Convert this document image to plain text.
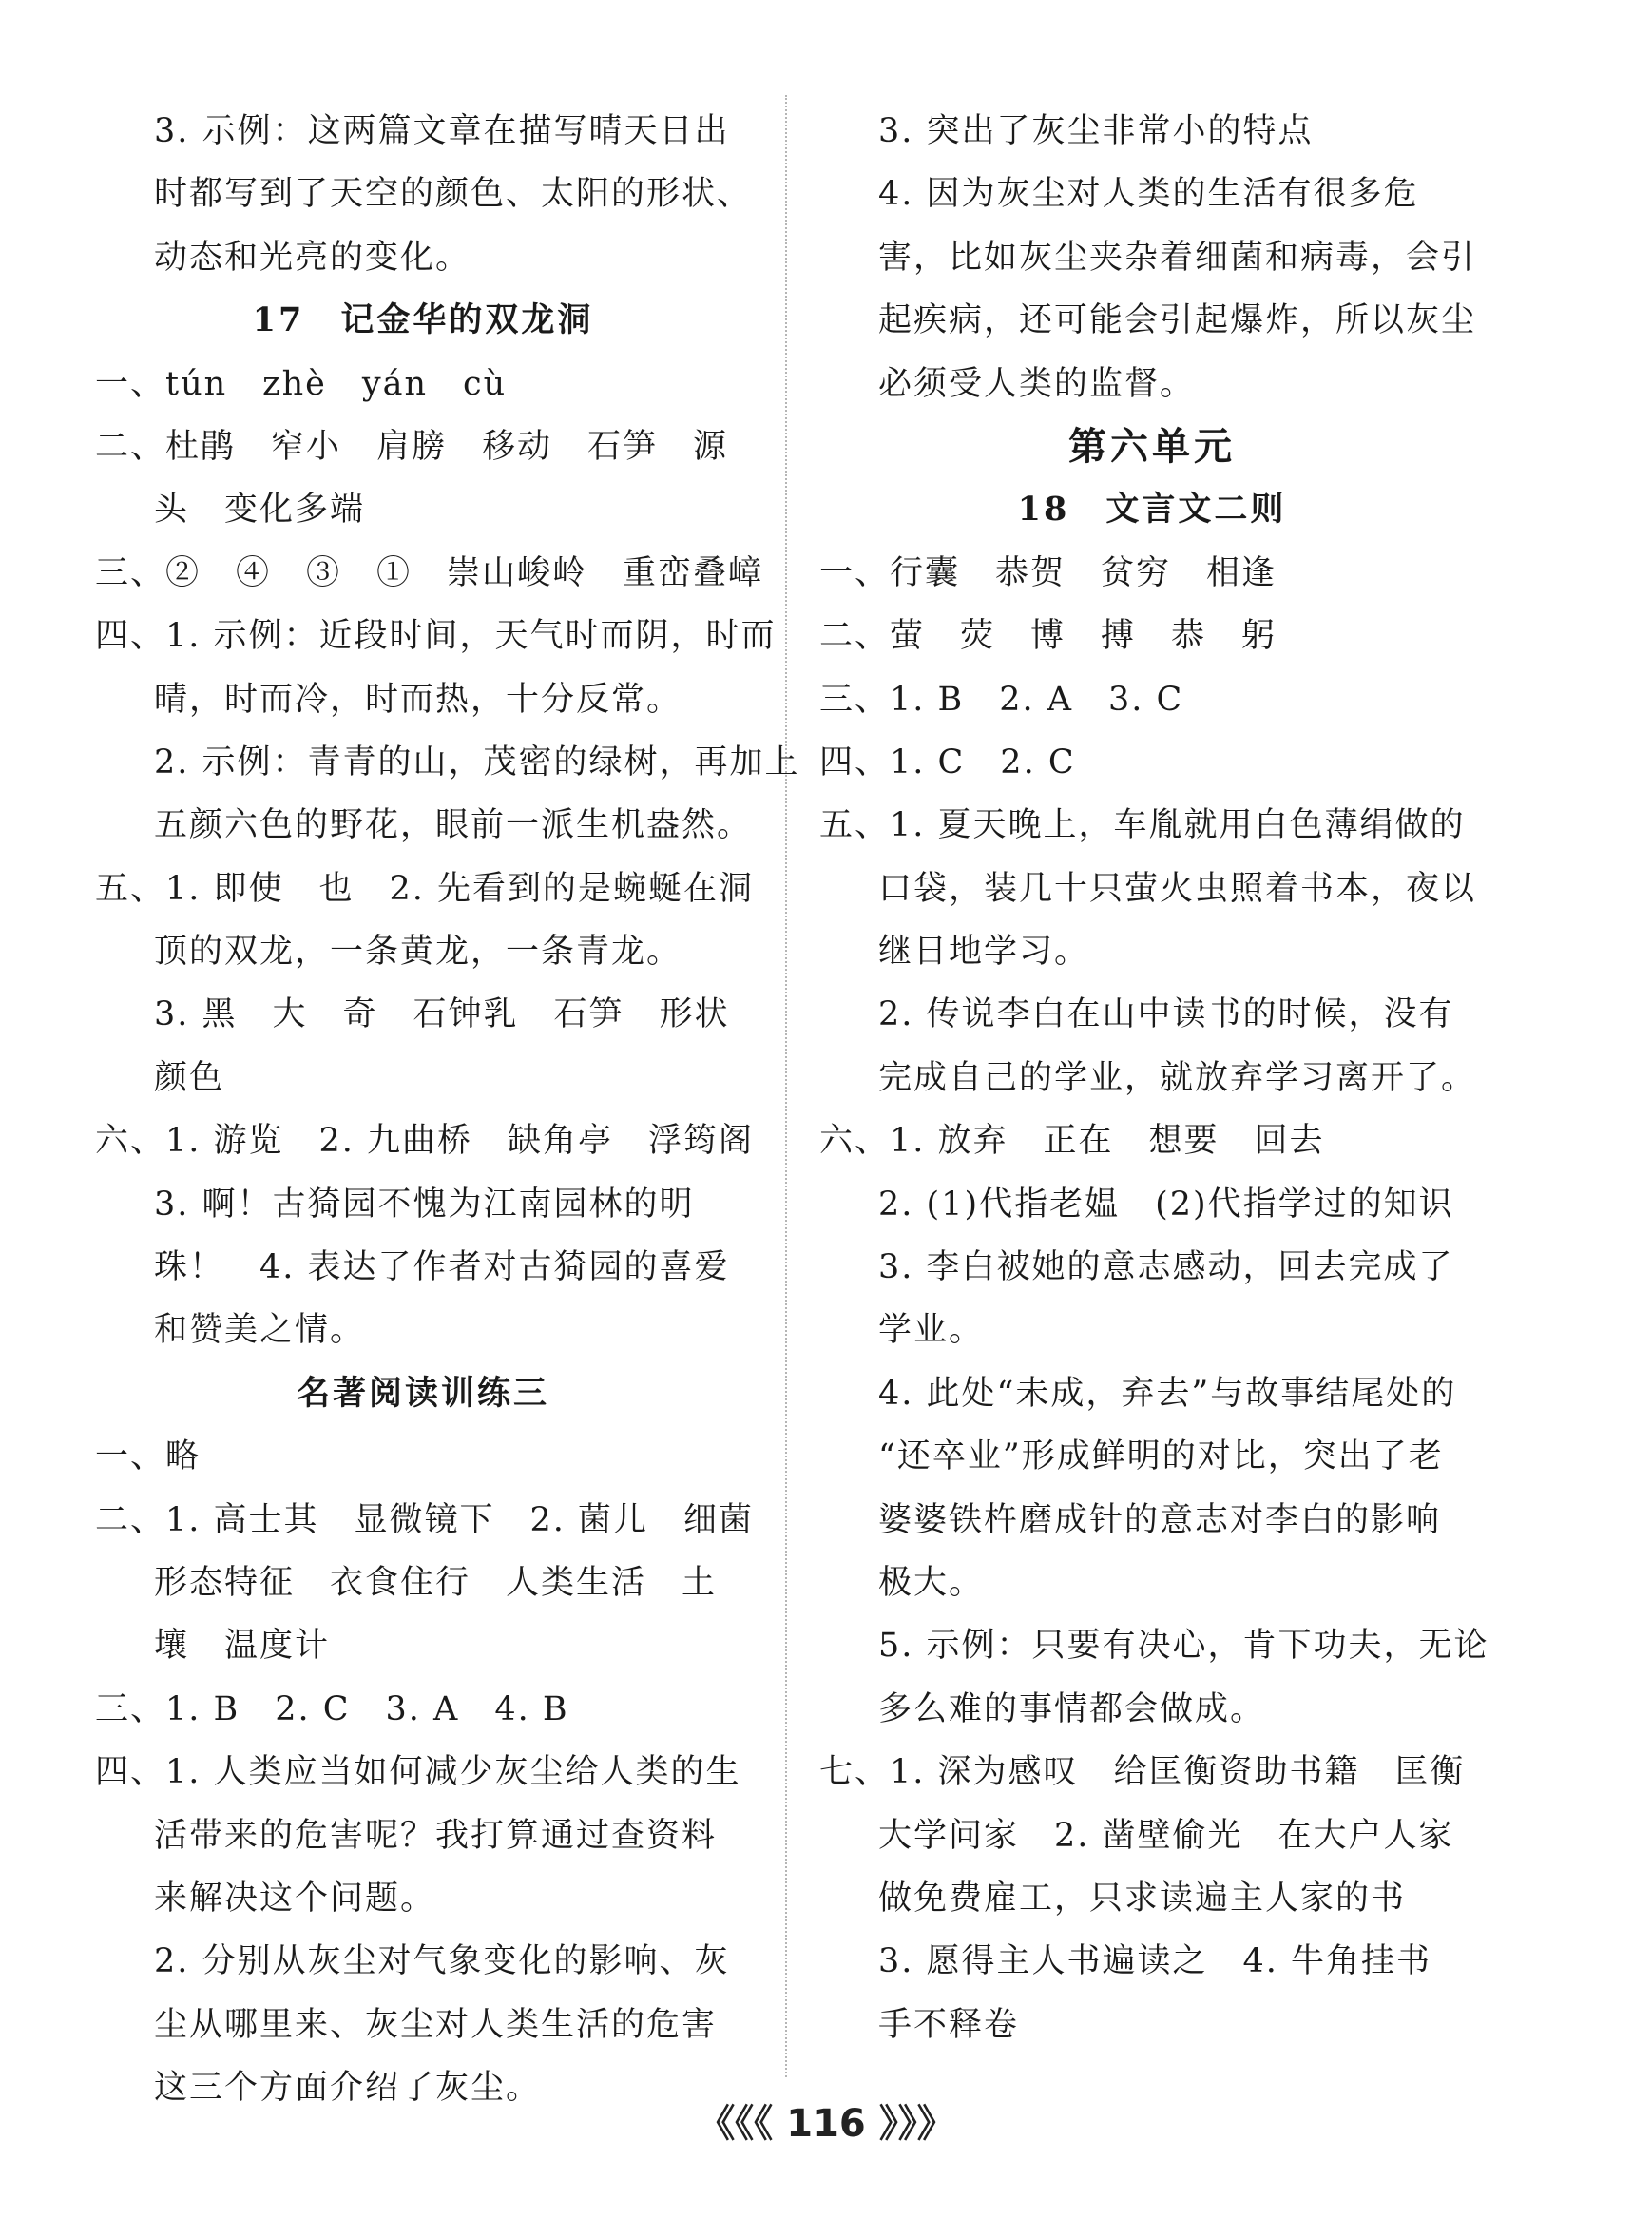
3. 示例：这两篇文章在描写晴天日出
时都写到了天空的颜色、太阳的形状、
动态和光亮的变化。
17　记金华的双龙洞
一、tún　zhè　yán　cù
二、杜鹃　窄小　肩膀　移动　石笋　源
头　变化多端
三、②　④　③　①　崇山峻岭　重峦叠嶂
四、1. 示例：近段时间，天气时而阴，时而
晴，时而冷，时而热，十分反常。
2. 示例：青青的山，茂密的绿树，再加上
五颜六色的野花，眼前一派生机盎然。
五、1. 即使　也　2. 先看到的是蜿蜒在洞
顶的双龙，一条黄龙，一条青龙。
3. 黑　大　奇　石钟乳　石笋　形状
颜色
六、1. 游览　2. 九曲桥　缺角亭　浮筠阁
3. 啊！古猗园不愧为江南园林的明
珠！　4. 表达了作者对古猗园的喜爱
和赞美之情。
名著阅读训练三
一、略
二、1. 高士其　显微镜下　2. 菌儿　细菌
形态特征　衣食住行　人类生活　土
壤　温度计
三、1. B　2. C　3. A　4. B
四、1. 人类应当如何减少灰尘给人类的生
活带来的危害呢？我打算通过查资料
来解决这个问题。
2. 分别从灰尘对气象变化的影响、灰
尘从哪里来、灰尘对人类生活的危害
这三个方面介绍了灰尘。
3. 突出了灰尘非常小的特点
4. 因为灰尘对人类的生活有很多危
害，比如灰尘夹杂着细菌和病毒，会引
起疾病，还可能会引起爆炸，所以灰尘
必须受人类的监督。
第六单元
18　文言文二则
一、行囊　恭贺　贫穷　相逢
二、萤　荧　博　搏　恭　躬
三、1. B　2. A　3. C
四、1. C　2. C
五、1. 夏天晚上，车胤就用白色薄绢做的
口袋，装几十只萤火虫照着书本，夜以
继日地学习。
2. 传说李白在山中读书的时候，没有
完成自己的学业，就放弃学习离开了。
六、1. 放弃　正在　想要　回去
2. (1)代指老媪　(2)代指学过的知识
3. 李白被她的意志感动，回去完成了
学业。
4. 此处“未成，弃去”与故事结尾处的
“还卒业”形成鲜明的对比，突出了老
婆婆铁杵磨成针的意志对李白的影响
极大。
5. 示例：只要有决心，肯下功夫，无论
多么难的事情都会做成。
七、1. 深为感叹　给匡衡资助书籍　匡衡
大学问家　2. 凿壁偷光　在大户人家
做免费雇工，只求读遍主人家的书
3. 愿得主人书遍读之　4. 牛角挂书
手不释卷
《《《 116 》》》
